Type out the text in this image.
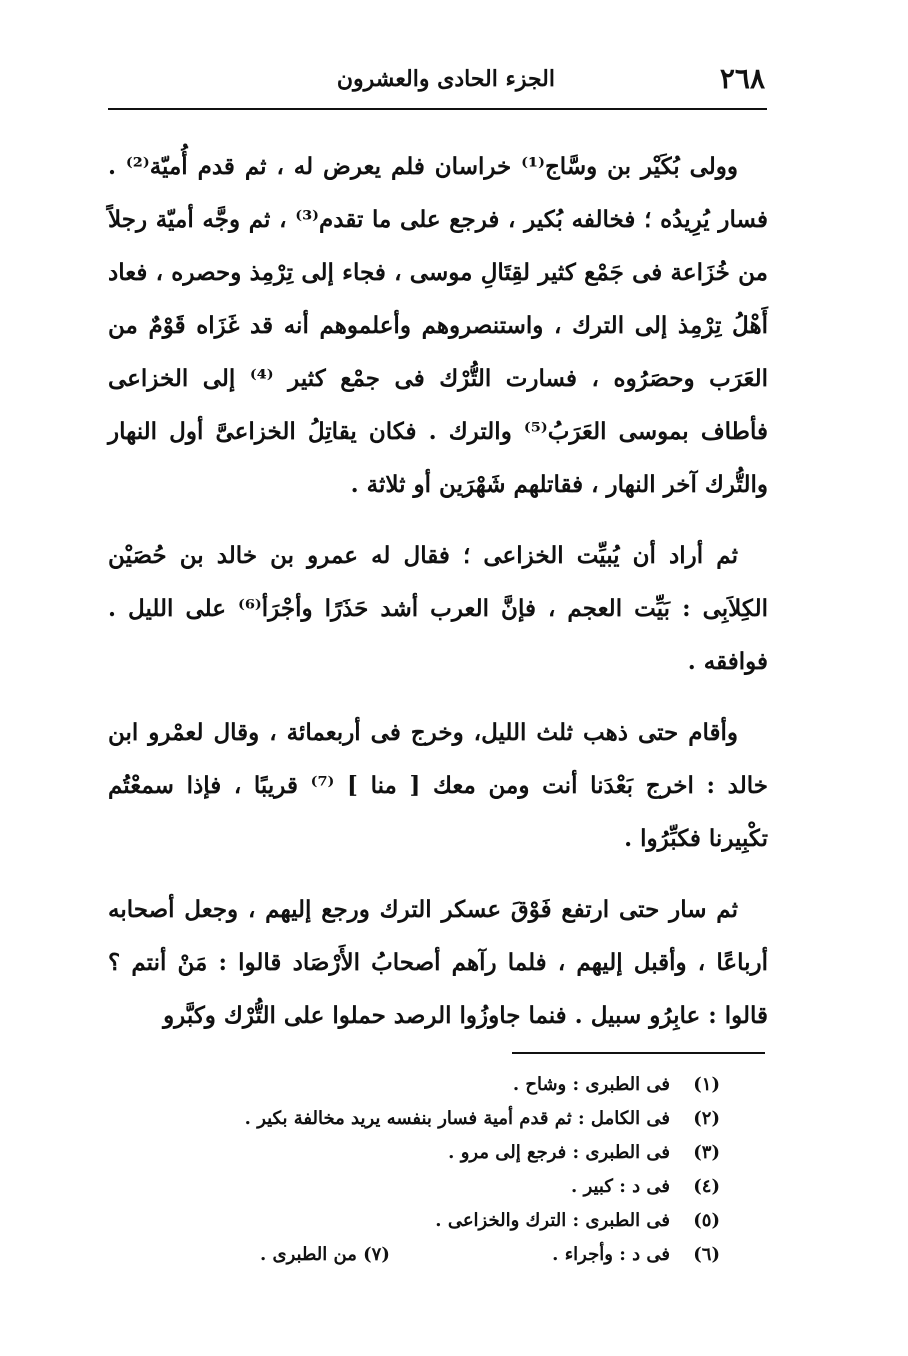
٢٦٨
الجزء الحادى والعشرون

وولى بُكَيْر بن وسَّاج⁽¹⁾ خراسان فلم يعرض له ، ثم قدم أُميّة⁽²⁾ . فسار يُرِيدُه ؛ فخالفه بُكير ، فرجع على ما تقدم⁽³⁾ ، ثم وجَّه أميّة رجلاً من خُزَاعة فى جَمْع كثير لقِتَالِ موسى ، فجاء إلى تِرْمِذ وحصره ، فعاد أَهْلُ تِرْمِذ إلى الترك ، واستنصروهم وأعلموهم أنه قد غَزَاه قَوْمٌ من العَرَب وحصَرُوه ، فسارت التُّرْك فى جمْع كثير ⁽⁴⁾ إلى الخزاعى فأطاف بموسى العَرَبُ⁽⁵⁾ والترك . فكان يقاتِلُ الخزاعىَّ أول النهار والتُّرك آخر النهار ، فقاتلهم شَهْرَين أو ثلاثة .

ثم أراد أن يُبيِّت الخزاعى ؛ فقال له عمرو بن خالد بن حُصَيْن الكِلاَبِى : بَيِّت العجم ، فإنَّ العرب أشد حَذَرًا وأجْرَأ⁽⁶⁾ على الليل . فوافقه .

وأقام حتى ذهب ثلث الليل، وخرج فى أربعمائة ، وقال لعمْرو ابن خالد : اخرج بَعْدَنا أنت ومن معك [ منا ] ⁽⁷⁾ قريبًا ، فإذا سمعْتُم تكْبِيرنا فكبِّرُوا .

ثم سار حتى ارتفع فَوْقَ عسكر الترك ورجع إليهم ، وجعل أصحابه أرباعًا ، وأقبل إليهم ، فلما رآهم أصحابُ الأَرْصَاد قالوا : مَنْ أنتم ؟ قالوا : عابِرُو سبيل . فنما جاوزُوا الرصد حملوا على التُّرْك وكبَّرو

(١)فى الطبرى : وشاح .

(٢)فى الكامل : ثم قدم أمية فسار بنفسه يريد مخالفة بكير .

(٣)فى الطبرى : فرجع إلى مرو .

(٤)فى د : كبير .

(٥)فى الطبرى : الترك والخزاعى .

(٦)فى د : وأجراء .
(٧) من الطبرى .
